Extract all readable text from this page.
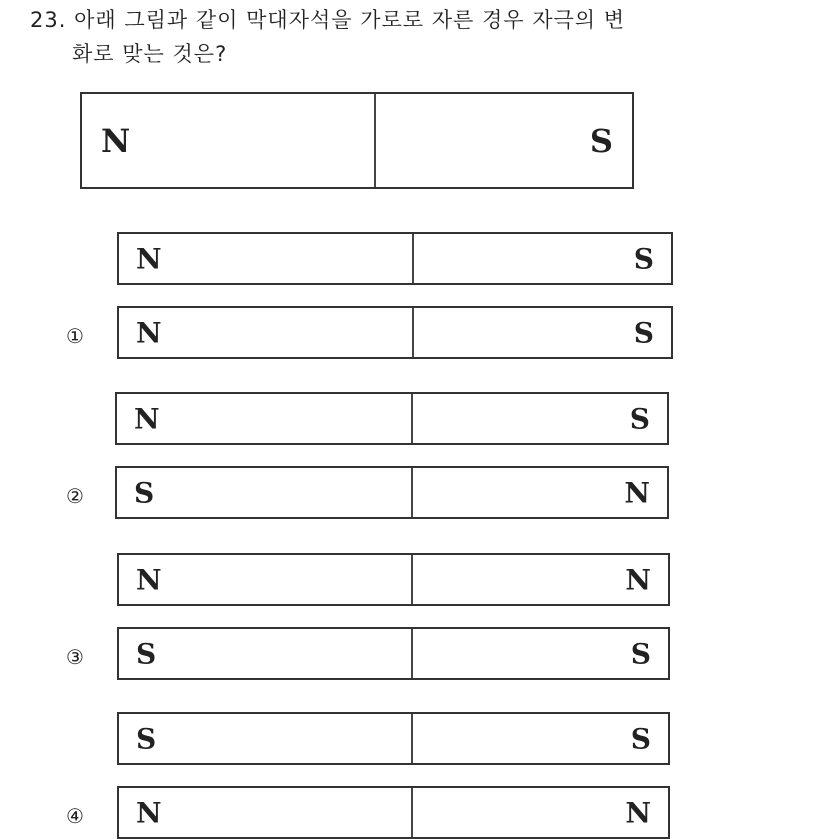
23. 아래 그림과 같이 막대자석을 가로로 자른 경우 자극의 변
화로 맞는 것은?
N	S
N	S
N	S
①
N	S
S	N
②
N	N
S	S
③
S	S
N	N
④
